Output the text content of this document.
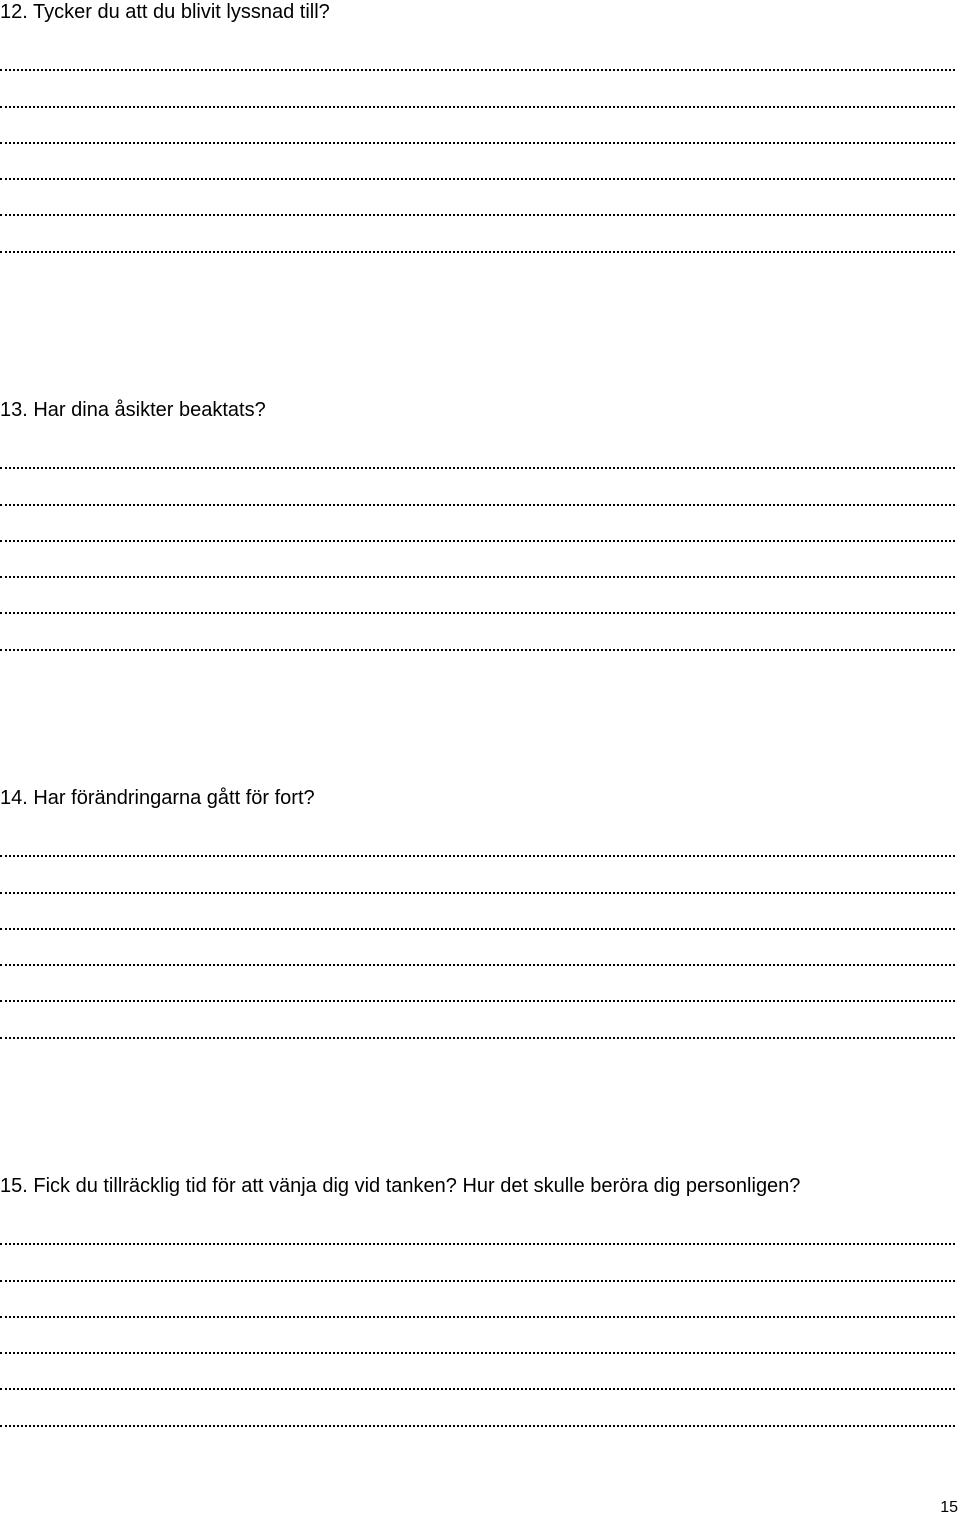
12. Tycker du att du blivit lyssnad till?
13. Har dina åsikter beaktats?
14. Har förändringarna gått för fort?
15. Fick du tillräcklig tid för att vänja dig vid tanken? Hur det skulle beröra dig personligen?
15
